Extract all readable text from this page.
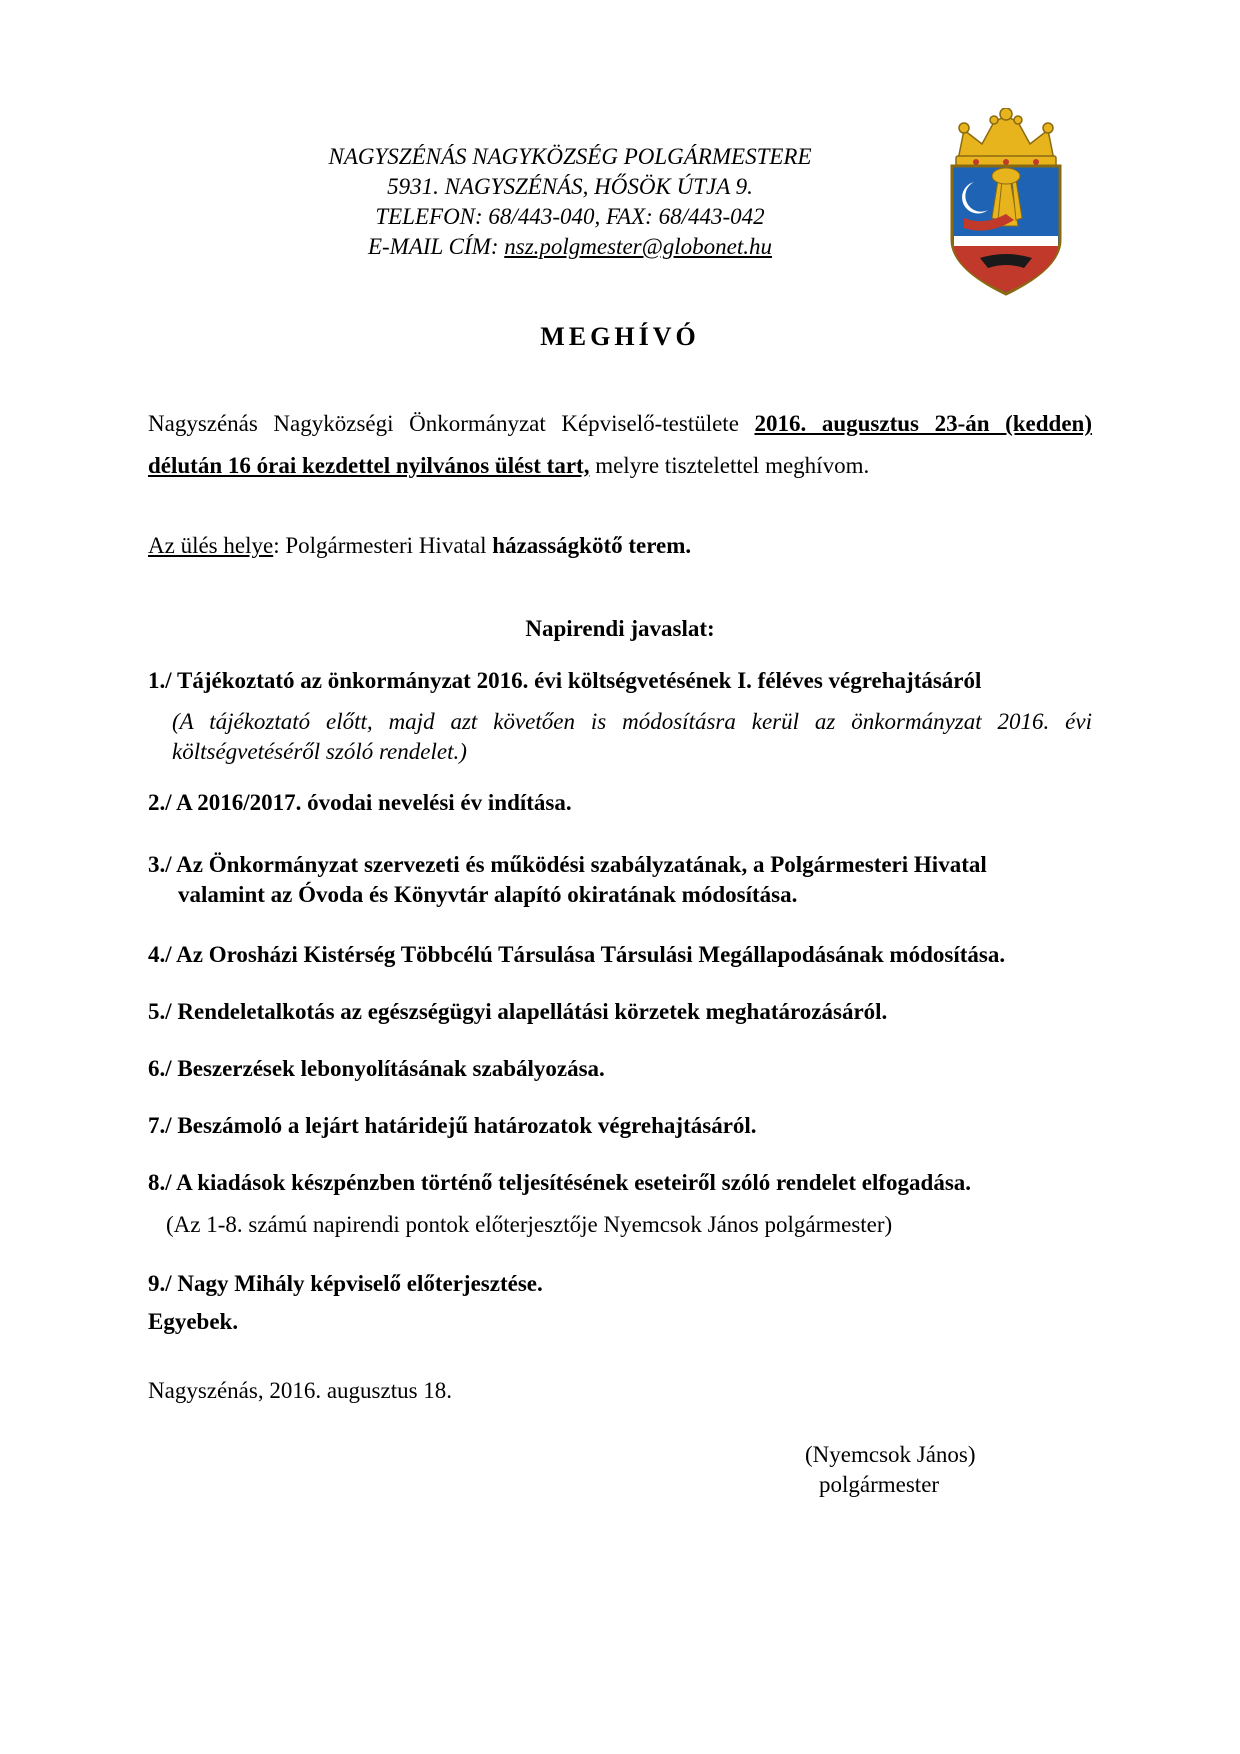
NAGYSZÉNÁS NAGYKÖZSÉG POLGÁRMESTERE
5931. NAGYSZÉNÁS, HŐSÖK ÚTJA 9.
TELEFON: 68/443-040, FAX: 68/443-042
E-MAIL CÍM: nsz.polgmester@globonet.hu
MEGHÍVÓ
Nagyszénás Nagyközségi Önkormányzat Képviselő-testülete 2016. augusztus 23-án (kedden) délután 16 órai kezdettel nyilvános ülést tart, melyre tisztelettel meghívom.
Az ülés helye: Polgármesteri Hivatal házasságkötő terem.
Napirendi javaslat:
1./ Tájékoztató az önkormányzat 2016. évi költségvetésének I. féléves végrehajtásáról
(A tájékoztató előtt, majd azt követően is módosításra kerül az önkormányzat 2016. évi költségvetéséről szóló rendelet.)
2./ A 2016/2017. óvodai nevelési év indítása.
3./ Az Önkormányzat szervezeti és működési szabályzatának, a Polgármesteri Hivatal
valamint az Óvoda és Könyvtár alapító okiratának módosítása.
4./ Az Orosházi Kistérség Többcélú Társulása Társulási Megállapodásának módosítása.
5./ Rendeletalkotás az egészségügyi alapellátási körzetek meghatározásáról.
6./ Beszerzések lebonyolításának szabályozása.
7./ Beszámoló a lejárt határidejű határozatok végrehajtásáról.
8./ A kiadások készpénzben történő teljesítésének eseteiről szóló rendelet elfogadása.
(Az 1-8. számú napirendi pontok előterjesztője Nyemcsok János polgármester)
9./ Nagy Mihály képviselő előterjesztése.
Egyebek.
Nagyszénás, 2016. augusztus 18.
(Nyemcsok János)
polgármester
